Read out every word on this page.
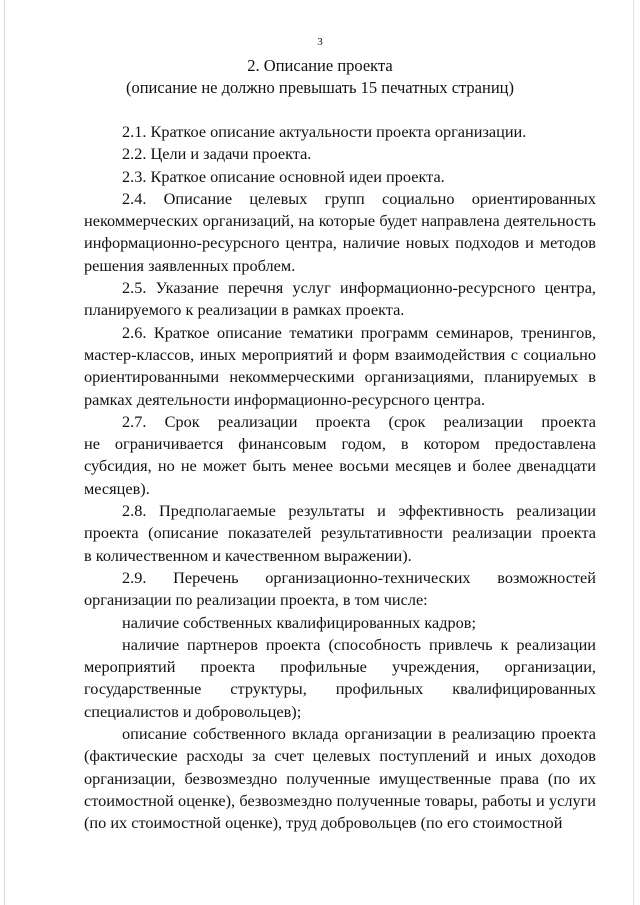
3
2. Описание проекта
(описание не должно превышать 15 печатных страниц)

2.1. Краткое описание актуальности проекта организации.

2.2. Цели и задачи проекта.

2.3. Краткое описание основной идеи проекта.

2.4. Описание целевых групп социально ориентированных
некоммерческих организаций, на которые будет направлена деятельность
информационно-ресурсного центра, наличие новых подходов и методов
решения заявленных проблем.

2.5. Указание перечня услуг информационно-ресурсного центра,
планируемого к реализации в рамках проекта.

2.6. Краткое описание тематики программ семинаров, тренингов,
мастер-классов, иных мероприятий и форм взаимодействия с социально
ориентированными некоммерческими организациями, планируемых в
рамках деятельности информационно-ресурсного центра.

2.7. Срок реализации проекта (срок реализации проекта
не ограничивается финансовым годом, в котором предоставлена
субсидия, но не может быть менее восьми месяцев и более двенадцати
месяцев).

2.8. Предполагаемые результаты и эффективность реализации
проекта (описание показателей результативности реализации проекта
в количественном и качественном выражении).

2.9. Перечень организационно-технических возможностей
организации по реализации проекта, в том числе:

наличие собственных квалифицированных кадров;

наличие партнеров проекта (способность привлечь к реализации
мероприятий проекта профильные учреждения, организации,
государственные структуры, профильных квалифицированных
специалистов и добровольцев);

описание собственного вклада организации в реализацию проекта
(фактические расходы за счет целевых поступлений и иных доходов
организации, безвозмездно полученные имущественные права (по их
стоимостной оценке), безвозмездно полученные товары, работы и услуги
(по их стоимостной оценке), труд добровольцев (по его стоимостной
